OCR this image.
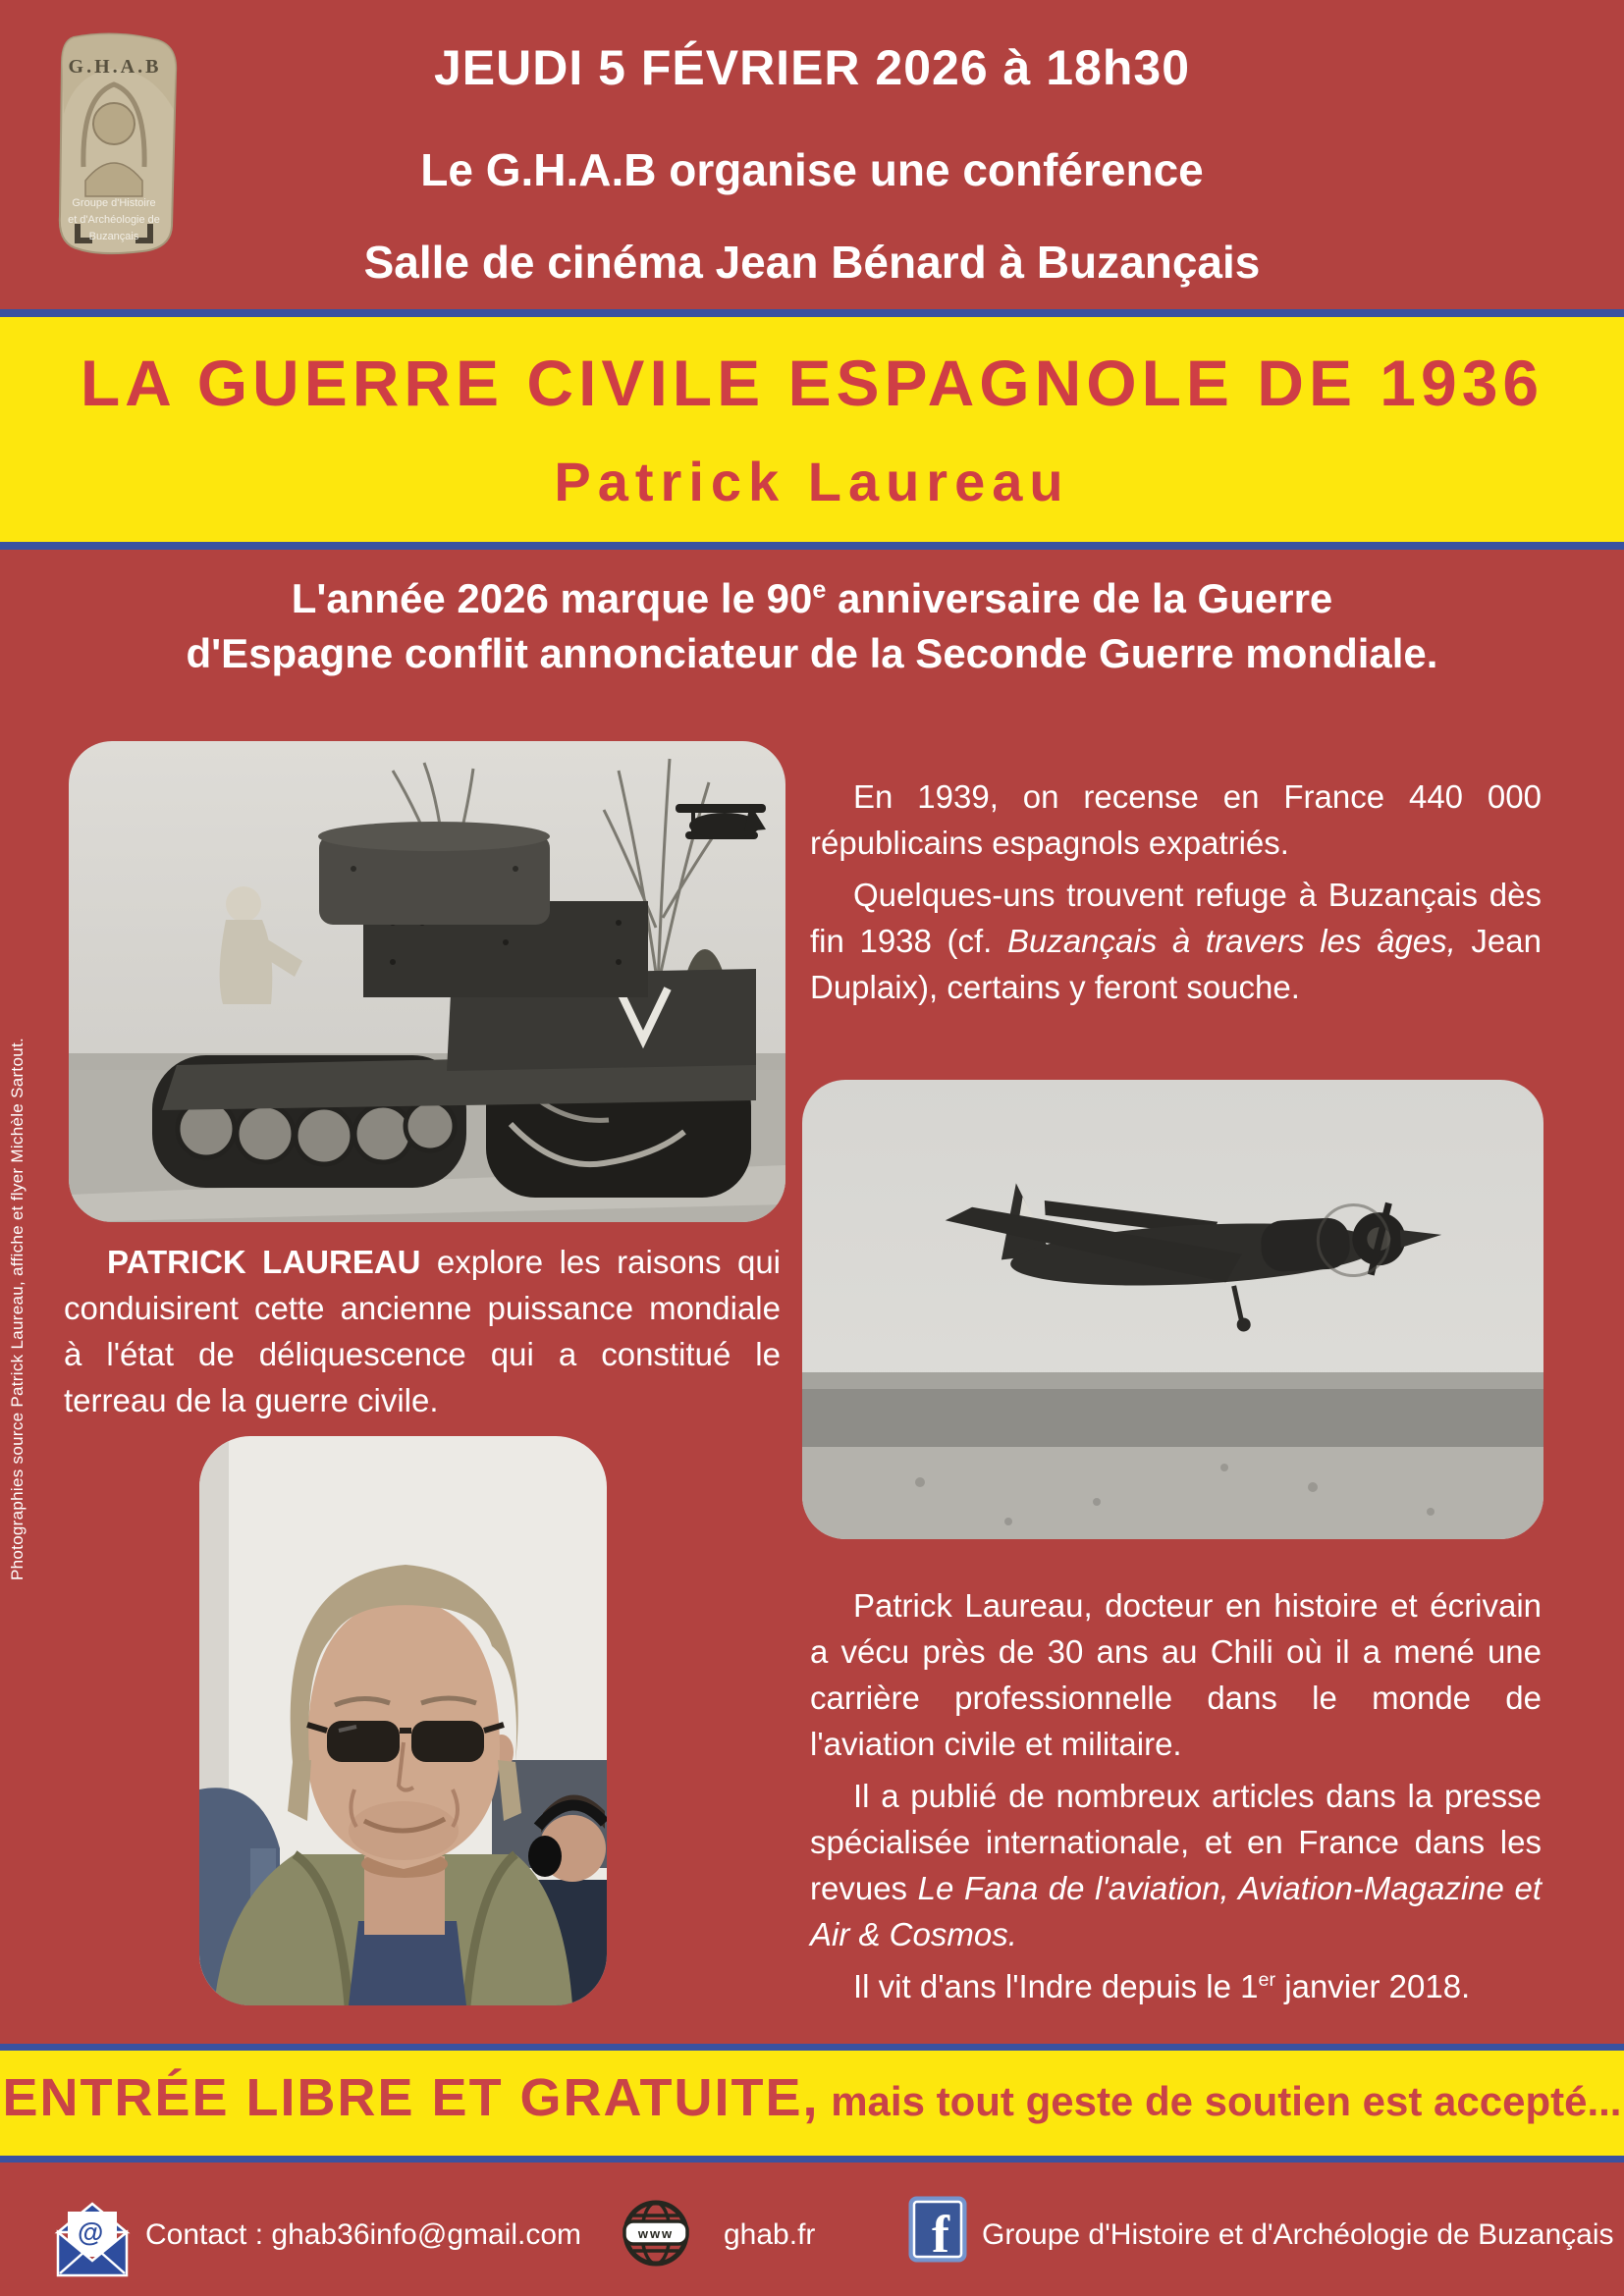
G.H.A.B
Groupe d'Histoire
et d'Archéologie de
Buzançais
JEUDI 5 FÉVRIER 2026 à 18h30
Le G.H.A.B organise une conférence
Salle de cinéma Jean Bénard à Buzançais
LA GUERRE CIVILE ESPAGNOLE DE 1936
Patrick Laureau
L'année 2026 marque le 90e anniversaire de la Guerre
d'Espagne conflit annonciateur de la Seconde Guerre mondiale.

En 1939, on recense en France 440 000 républicains espagnols expatriés.

Quelques-uns trouvent refuge à Buzançais dès fin 1938 (cf. Buzançais à travers les âges, Jean Duplaix), certains y feront souche.

PATRICK LAUREAU explore les raisons qui conduisirent cette ancienne puissance mondiale à l'état de déliquescence qui a constitué le terreau de la guerre civile.

Patrick Laureau, docteur en histoire et écrivain a vécu près de 30 ans au Chili où il a mené une carrière professionnelle dans le monde de l'aviation civile et militaire.

Il a publié de nombreux articles dans la presse spécialisée internationale, et en France dans les revues Le Fana de l'aviation, Aviation-Magazine et Air & Cosmos.

Il vit d'ans l'Indre depuis le 1er janvier 2018.

ENTRÉE LIBRE ET GRATUITE, mais tout geste de soutien est accepté...
@ Contact : ghab36info@gmail.com	www ghab.fr f Groupe d'Histoire et d'Archéologie de Buzançais
Photographies source Patrick Laureau, affiche et flyer Michèle Sartout.
